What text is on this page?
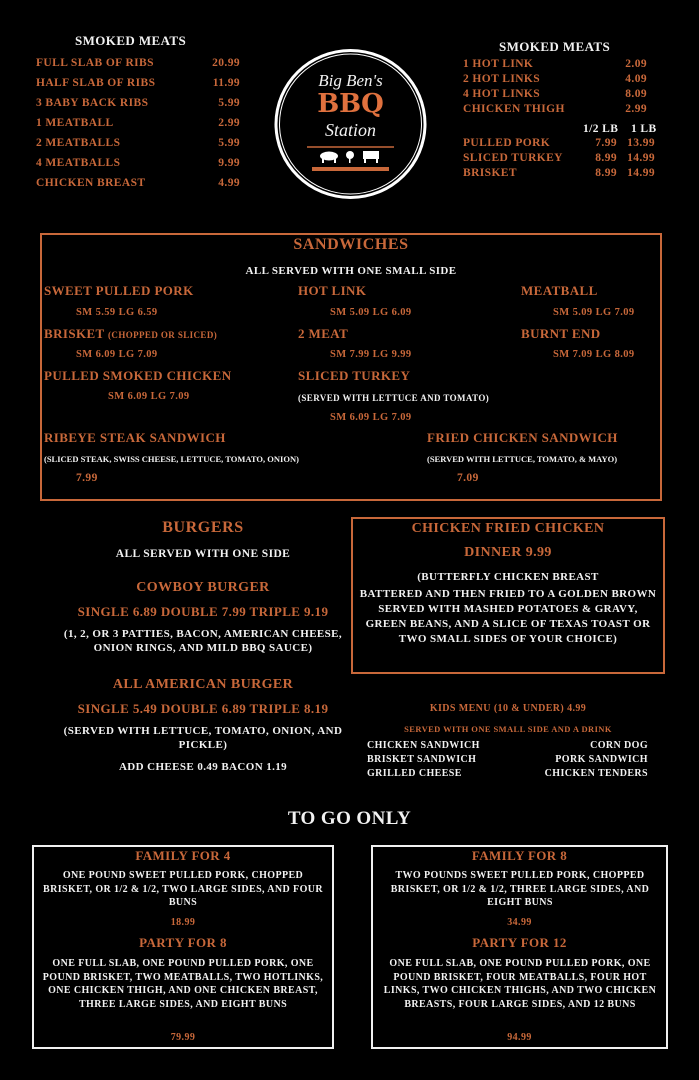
SMOKED MEATS
FULL SLAB OF RIBS	20.99
HALF SLAB OF RIBS	11.99
3 BABY BACK RIBS	5.99
1 MEATBALL	2.99
2 MEATBALLS	5.99
4 MEATBALLS	9.99
CHICKEN BREAST	4.99
Big Ben's
BBQ
Station
SMOKED MEATS
1 HOT LINK	2.09
2 HOT LINKS	4.09
4 HOT LINKS	8.09
CHICKEN THIGH	2.99
1/2 LB 1 LB
PULLED PORK	7.99 13.99
SLICED TURKEY	8.99 14.99
BRISKET	8.99 14.99
SANDWICHES
ALL SERVED WITH ONE SMALL SIDE
SWEET PULLED PORK
SM 5.59 LG 6.59
HOT LINK
SM 5.09 LG 6.09
MEATBALL
SM 5.09 LG 7.09
BRISKET (CHOPPED OR SLICED)
SM 6.09 LG 7.09
2 MEAT
SM 7.99 LG 9.99
BURNT END
SM 7.09 LG 8.09
PULLED SMOKED CHICKEN
SM 6.09 LG 7.09
SLICED TURKEY
(SERVED WITH LETTUCE AND TOMATO)
SM 6.09 LG 7.09
RIBEYE STEAK SANDWICH
(SLICED STEAK, SWISS CHEESE, LETTUCE, TOMATO, ONION)
7.99
FRIED CHICKEN SANDWICH
(SERVED WITH LETTUCE, TOMATO, & MAYO)
7.09
BURGERS
ALL SERVED WITH ONE SIDE
COWBOY BURGER
SINGLE 6.89 DOUBLE 7.99 TRIPLE 9.19
(1, 2, OR 3 PATTIES, BACON, AMERICAN CHEESE, ONION RINGS, AND MILD BBQ SAUCE)
ALL AMERICAN BURGER
SINGLE 5.49 DOUBLE 6.89 TRIPLE 8.19
(SERVED WITH LETTUCE, TOMATO, ONION, AND PICKLE)
ADD CHEESE 0.49 BACON 1.19
CHICKEN FRIED CHICKEN
DINNER 9.99
(BUTTERFLY CHICKEN BREAST
BATTERED AND THEN FRIED TO A GOLDEN BROWN SERVED WITH MASHED POTATOES & GRAVY, GREEN BEANS, AND A SLICE OF TEXAS TOAST OR TWO SMALL SIDES OF YOUR CHOICE)
KIDS MENU (10 & UNDER) 4.99
SERVED WITH ONE SMALL SIDE AND A DRINK
CHICKEN SANDWICH	CORN DOG
BRISKET SANDWICH	PORK SANDWICH
GRILLED CHEESE	CHICKEN TENDERS
TO GO ONLY
FAMILY FOR 4
ONE POUND SWEET PULLED PORK, CHOPPED BRISKET, OR 1/2 & 1/2, TWO LARGE SIDES, AND FOUR BUNS
18.99
PARTY FOR 8
ONE FULL SLAB, ONE POUND PULLED PORK, ONE POUND BRISKET, TWO MEATBALLS, TWO HOTLINKS, ONE CHICKEN THIGH, AND ONE CHICKEN BREAST, THREE LARGE SIDES, AND EIGHT BUNS
79.99
FAMILY FOR 8
TWO POUNDS SWEET PULLED PORK, CHOPPED BRISKET, OR 1/2 & 1/2, THREE LARGE SIDES, AND EIGHT BUNS
34.99
PARTY FOR 12
ONE FULL SLAB, ONE POUND PULLED PORK, ONE POUND BRISKET, FOUR MEATBALLS, FOUR HOT LINKS, TWO CHICKEN THIGHS, AND TWO CHICKEN BREASTS, FOUR LARGE SIDES, AND 12 BUNS
94.99
